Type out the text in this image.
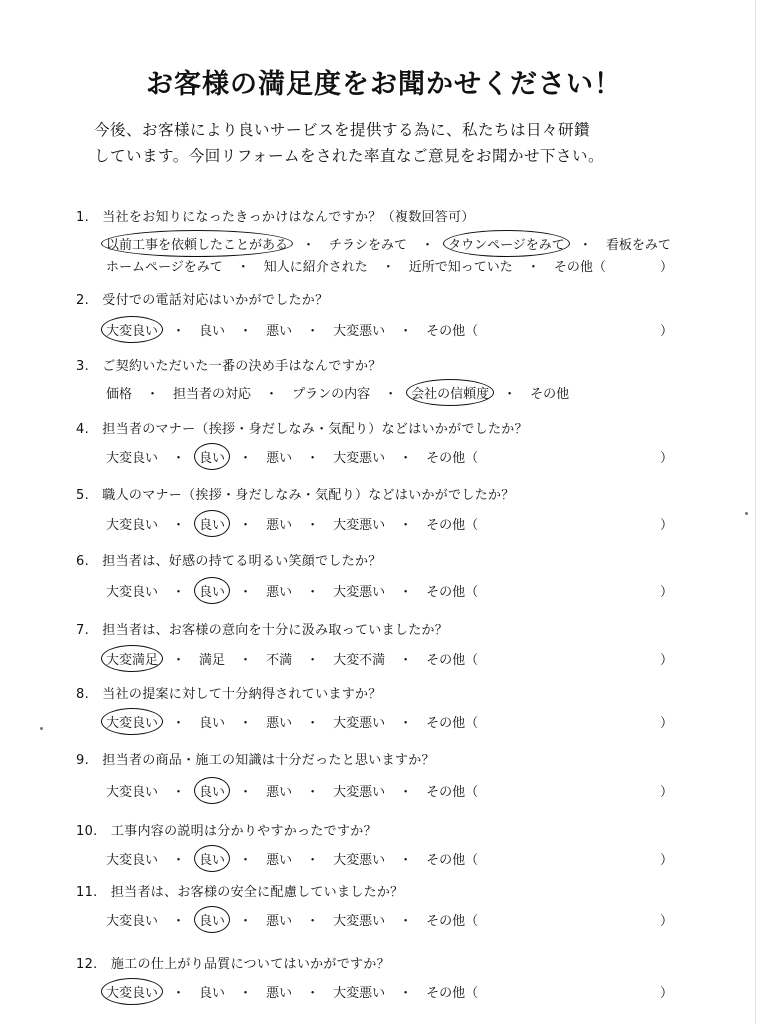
お客様の満足度をお聞かせください！
今後、お客様により良いサービスを提供する為に、私たちは日々研鑽
しています。今回リフォームをされた率直なご意見をお聞かせ下さい。
1.　当社をお知りになったきっかけはなんですか？（複数回答可）
以前工事を依頼したことがある ・ チラシをみて ・ タウンページをみて ・ 看板をみて
ホームページをみて ・ 知人に紹介された ・ 近所で知っていた ・ その他（	）
2.　受付での電話対応はいかがでしたか？
大変良い ・ 良い ・ 悪い ・ 大変悪い ・ その他（	）
3.　ご契約いただいた一番の決め手はなんですか？
価格 ・ 担当者の対応 ・ プランの内容 ・ 会社の信頼度 ・ その他
4.　担当者のマナー（挨拶・身だしなみ・気配り）などはいかがでしたか？
大変良い ・ 良い ・ 悪い ・ 大変悪い ・ その他（	）
5.　職人のマナー（挨拶・身だしなみ・気配り）などはいかがでしたか？
大変良い ・ 良い ・ 悪い ・ 大変悪い ・ その他（	）
6.　担当者は、好感の持てる明るい笑顔でしたか？
大変良い ・ 良い ・ 悪い ・ 大変悪い ・ その他（	）
7.　担当者は、お客様の意向を十分に汲み取っていましたか？
大変満足 ・ 満足 ・ 不満 ・ 大変不満 ・ その他（	）
8.　当社の提案に対して十分納得されていますか？
大変良い ・ 良い ・ 悪い ・ 大変悪い ・ その他（	）
9.　担当者の商品・施工の知識は十分だったと思いますか？
大変良い ・ 良い ・ 悪い ・ 大変悪い ・ その他（	）
10.　工事内容の説明は分かりやすかったですか？
大変良い ・ 良い ・ 悪い ・ 大変悪い ・ その他（	）
11.　担当者は、お客様の安全に配慮していましたか？
大変良い ・ 良い ・ 悪い ・ 大変悪い ・ その他（	）
12.　施工の仕上がり品質についてはいかがですか？
大変良い ・ 良い ・ 悪い ・ 大変悪い ・ その他（	）
